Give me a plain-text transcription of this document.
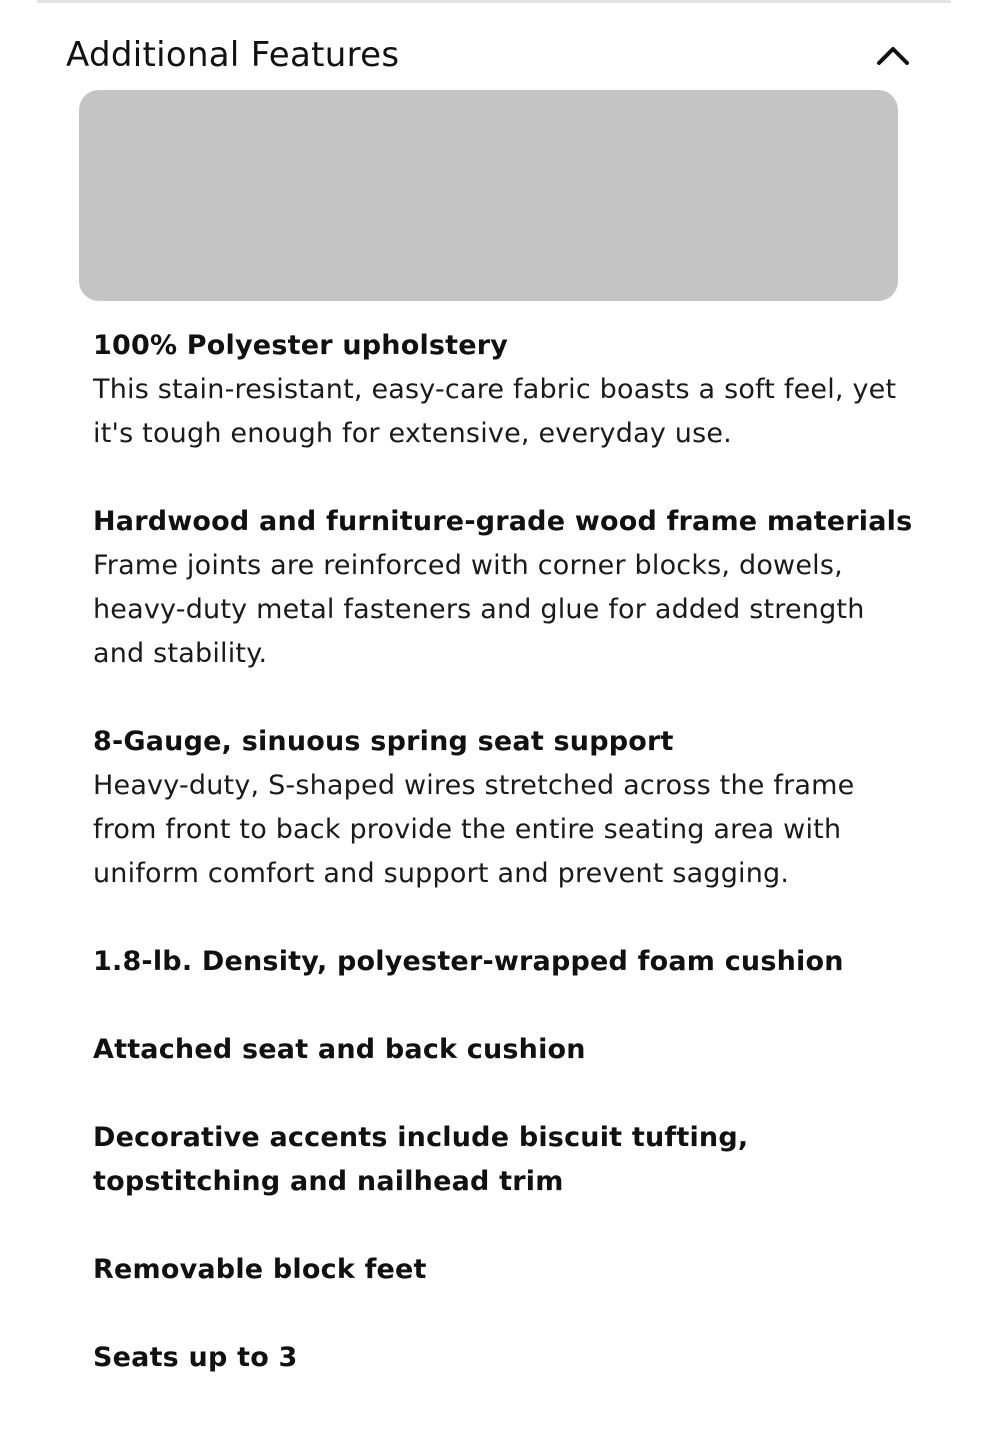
Additional Features
100% Polyester upholstery
This stain-resistant, easy-care fabric boasts a soft feel, yet it's tough enough for extensive, everyday use.
Hardwood and furniture-grade wood frame materials
Frame joints are reinforced with corner blocks, dowels, heavy-duty metal fasteners and glue for added strength and stability.
8-Gauge, sinuous spring seat support
Heavy-duty, S-shaped wires stretched across the frame from front to back provide the entire seating area with uniform comfort and support and prevent sagging.
1.8-lb. Density, polyester-wrapped foam cushion
Attached seat and back cushion
Decorative accents include biscuit tufting, topstitching and nailhead trim
Removable block feet
Seats up to 3
